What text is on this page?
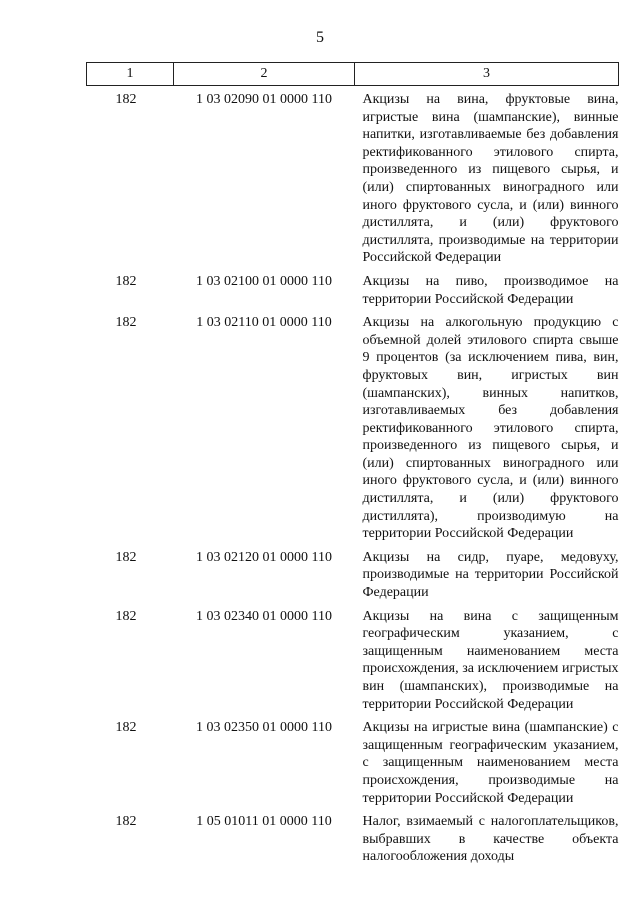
5
1	2	3
182	1 03 02090 01 0000 110	Акцизы на вина, фруктовые вина, игристые вина (шампанские), винные напитки, изготавливаемые без добавления ректификованного этилового спирта, произведенного из пищевого сырья, и (или) спиртованных виноградного или иного фруктового сусла, и (или) винного дистиллята, и (или) фруктового дистиллята, производимые на территории Российской Федерации
182	1 03 02100 01 0000 110	Акцизы на пиво, производимое на территории Российской Федерации
182	1 03 02110 01 0000 110	Акцизы на алкогольную продукцию с объемной долей этилового спирта свыше 9 процентов (за исключением пива, вин, фруктовых вин, игристых вин (шампанских), винных напитков, изготавливаемых без добавления ректификованного этилового спирта, произведенного из пищевого сырья, и (или) спиртованных виноградного или иного фруктового сусла, и (или) винного дистиллята, и (или) фруктового дистиллята), производимую на территории Российской Федерации
182	1 03 02120 01 0000 110	Акцизы на сидр, пуаре, медовуху, производимые на территории Российской Федерации
182	1 03 02340 01 0000 110	Акцизы на вина с защищенным географическим указанием, с защищенным наименованием места происхождения, за исключением игристых вин (шампанских), производимые на территории Российской Федерации
182	1 03 02350 01 0000 110	Акцизы на игристые вина (шампанские) с защищенным географическим указанием, с защищенным наименованием места происхождения, производимые на территории Российской Федерации
182	1 05 01011 01 0000 110	Налог, взимаемый с налогоплательщиков, выбравших в качестве объекта налогообложения доходы
